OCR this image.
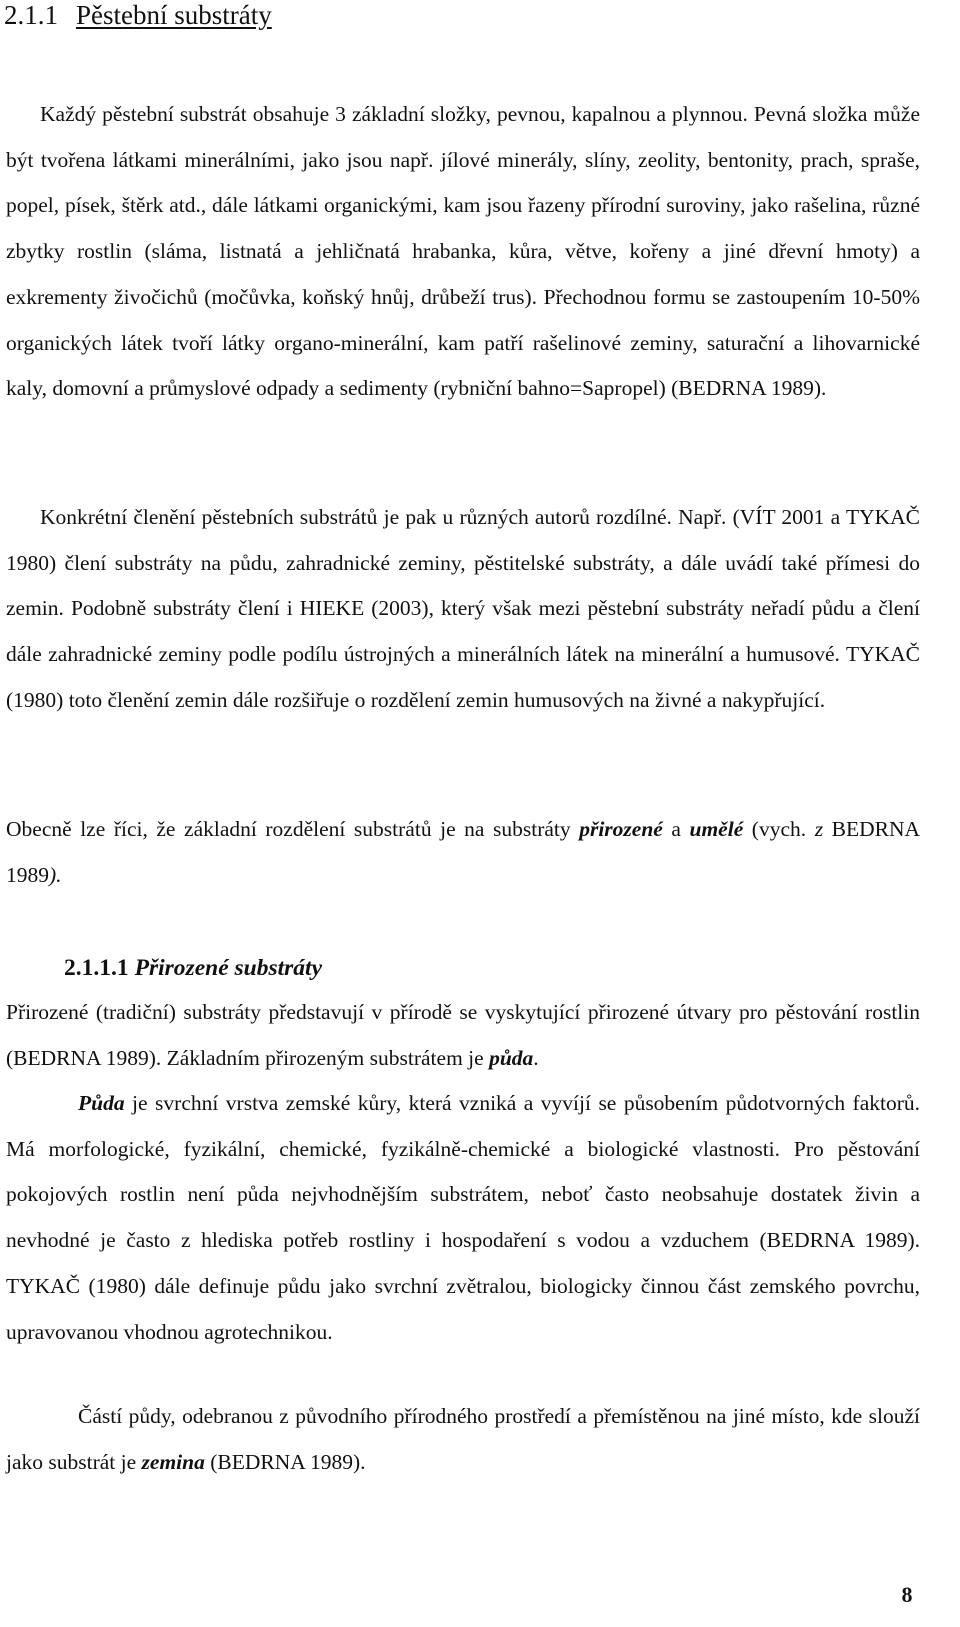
2.1.1 Pěstební substráty

Každý pěstební substrát obsahuje 3 základní složky, pevnou, kapalnou a plynnou. Pevná složka může být tvořena látkami minerálními, jako jsou např. jílové minerály, slíny, zeolity, bentonity, prach, spraše, popel, písek, štěrk atd., dále látkami organickými, kam jsou řazeny přírodní suroviny, jako rašelina, různé zbytky rostlin (sláma, listnatá a jehličnatá hrabanka, kůra, větve, kořeny a jiné dřevní hmoty) a exkrementy živočichů (močůvka, koňský hnůj, drůbeží trus). Přechodnou formu se zastoupením 10-50% organických látek tvoří látky organo-minerální, kam patří rašelinové zeminy, saturační a lihovarnické kaly, domovní a průmyslové odpady a sedimenty (rybniční bahno=Sapropel) (BEDRNA 1989).

Konkrétní členění pěstebních substrátů je pak u různých autorů rozdílné. Např. (VÍT 2001 a TYKAČ 1980) člení substráty na půdu, zahradnické zeminy, pěstitelské substráty, a dále uvádí také přímesi do zemin. Podobně substráty člení i HIEKE (2003), který však mezi pěstební substráty neřadí půdu a člení dále zahradnické zeminy podle podílu ústrojných a minerálních látek na minerální a humusové. TYKAČ (1980) toto členění zemin dále rozšiřuje o rozdělení zemin humusových na živné a nakypřující.

Obecně lze říci, že základní rozdělení substrátů je na substráty přirozené a umělé (vych. z BEDRNA 1989).

2.1.1.1 Přirozené substráty

Přirozené (tradiční) substráty představují v přírodě se vyskytující přirozené útvary pro pěstování rostlin (BEDRNA 1989). Základním přirozeným substrátem je půda.

Půda je svrchní vrstva zemské kůry, která vzniká a vyvíjí se působením půdotvorných faktorů. Má morfologické, fyzikální, chemické, fyzikálně-chemické a biologické vlastnosti. Pro pěstování pokojových rostlin není půda nejvhodnějším substrátem, neboť často neobsahuje dostatek živin a nevhodné je často z hlediska potřeb rostliny i hospodaření s vodou a vzduchem (BEDRNA 1989). TYKAČ (1980) dále definuje půdu jako svrchní zvětralou, biologicky činnou část zemského povrchu, upravovanou vhodnou agrotechnikou.

Částí půdy, odebranou z původního přírodného prostředí a přemístěnou na jiné místo, kde slouží jako substrát je zemina (BEDRNA 1989).

8
